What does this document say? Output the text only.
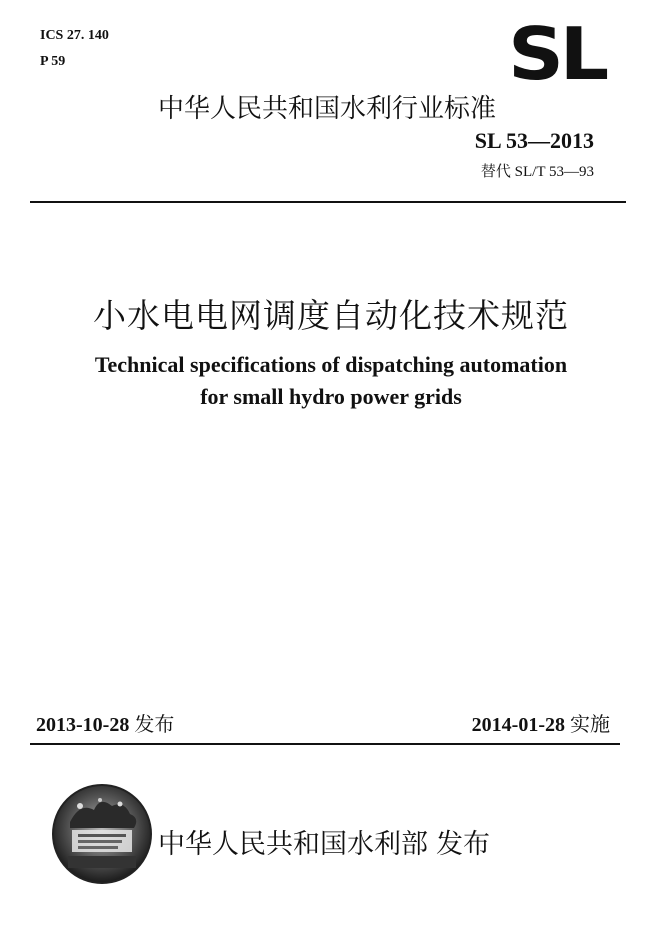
ICS 27. 140
P 59	SL
中华人民共和国水利行业标准
SL 53—2013
替代 SL/T 53—93
小水电电网调度自动化技术规范
Technical specifications of dispatching automation
for small hydro power grids
2013-10-28 发布	2014-01-28 实施
中华人民共和国水利部 发布
